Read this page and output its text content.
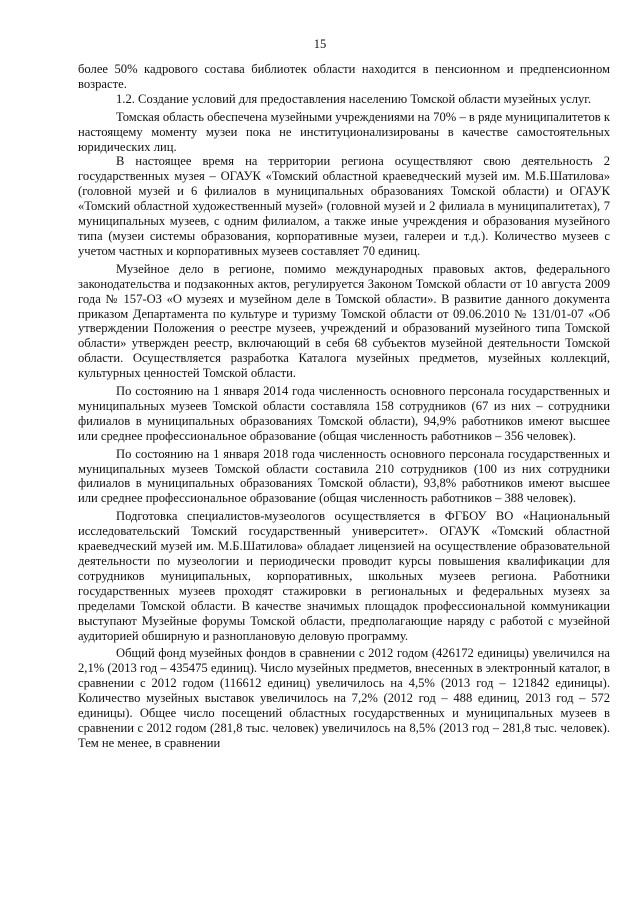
15

более 50% кадрового состава библиотек области находится в пенсионном и предпенсионном возрасте.

1.2. Создание условий для предоставления населению Томской области музейных услуг.

Томская область обеспечена музейными учреждениями на 70% – в ряде муниципалитетов к настоящему моменту музеи пока не институционализированы в качестве самостоятельных юридических лиц.

В настоящее время на территории региона осуществляют свою деятельность 2 государственных музея – ОГАУК «Томский областной краеведческий музей им. М.Б.Шатилова» (головной музей и 6 филиалов в муниципальных образованиях Томской области) и ОГАУК «Томский областной художественный музей» (головной музей и 2 филиала в муниципалитетах), 7 муниципальных музеев, с одним филиалом, а также иные учреждения и образования музейного типа (музеи системы образования, корпоративные музеи, галереи и т.д.). Количество музеев с учетом частных и корпоративных музеев составляет 70 единиц.

Музейное дело в регионе, помимо международных правовых актов, федерального законодательства и подзаконных актов, регулируется Законом Томской области от 10 августа 2009 года № 157-ОЗ «О музеях и музейном деле в Томской области». В развитие данного документа приказом Департамента по культуре и туризму Томской области от 09.06.2010 № 131/01-07 «Об утверждении Положения о реестре музеев, учреждений и образований музейного типа Томской области» утвержден реестр, включающий в себя 68 субъектов музейной деятельности Томской области. Осуществляется разработка Каталога музейных предметов, музейных коллекций, культурных ценностей Томской области.

По состоянию на 1 января 2014 года численность основного персонала государственных и муниципальных музеев Томской области составляла 158 сотрудников (67 из них – сотрудники филиалов в муниципальных образованиях Томской области), 94,9% работников имеют высшее или среднее профессиональное образование (общая численность работников – 356 человек).

По состоянию на 1 января 2018 года численность основного персонала государственных и муниципальных музеев Томской области составила 210 сотрудников (100 из них сотрудники филиалов в муниципальных образованиях Томской области), 93,8% работников имеют высшее или среднее профессиональное образование (общая численность работников – 388 человек).

Подготовка специалистов-музеологов осуществляется в ФГБОУ ВО «Национальный исследовательский Томский государственный университет». ОГАУК «Томский областной краеведческий музей им. М.Б.Шатилова» обладает лицензией на осуществление образовательной деятельности по музеологии и периодически проводит курсы повышения квалификации для сотрудников муниципальных, корпоративных, школьных музеев региона. Работники государственных музеев проходят стажировки в региональных и федеральных музеях за пределами Томской области. В качестве значимых площадок профессиональной коммуникации выступают Музейные форумы Томской области, предполагающие наряду с работой с музейной аудиторией обширную и разноплановую деловую программу.

Общий фонд музейных фондов в сравнении с 2012 годом (426172 единицы) увеличился на 2,1% (2013 год – 435475 единиц). Число музейных предметов, внесенных в электронный каталог, в сравнении с 2012 годом (116612 единиц) увеличилось на 4,5% (2013 год – 121842 единицы). Количество музейных выставок увеличилось на 7,2% (2012 год – 488 единиц, 2013 год – 572 единицы). Общее число посещений областных государственных и муниципальных музеев в сравнении с 2012 годом (281,8 тыс. человек) увеличилось на 8,5% (2013 год – 281,8 тыс. человек). Тем не менее, в сравнении
